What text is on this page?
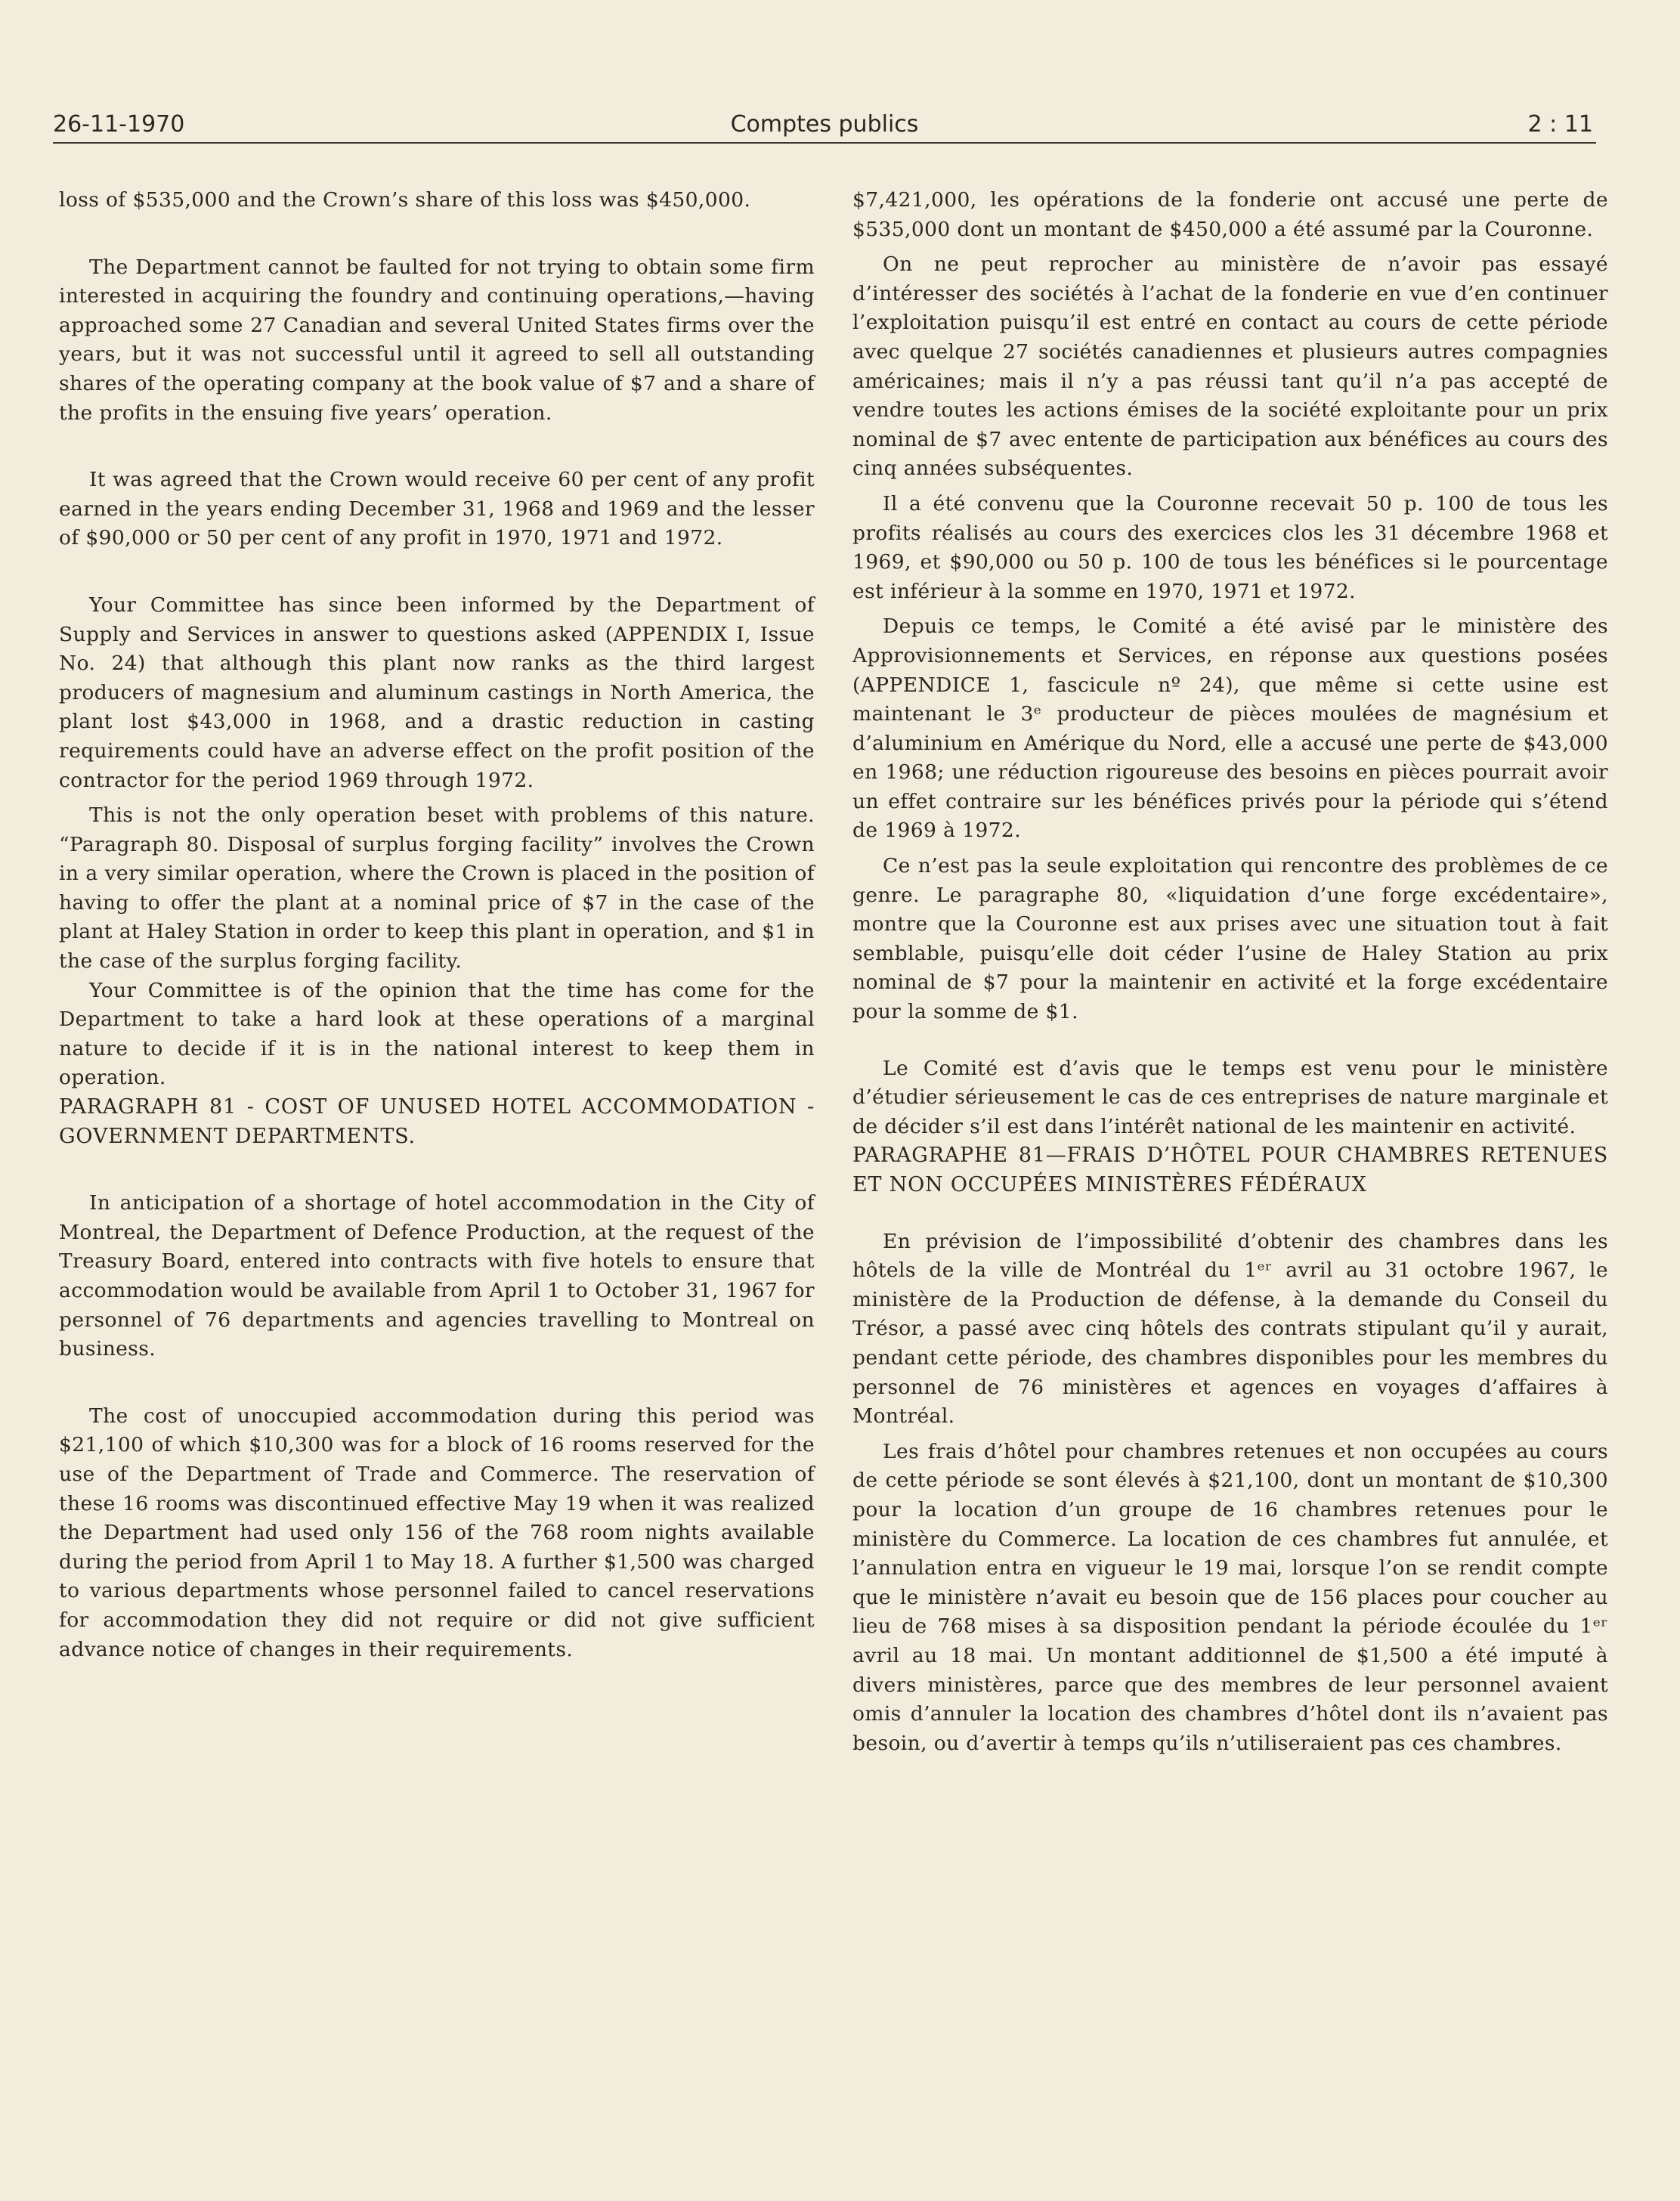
26-11-1970	Comptes publics	2 : 11

loss of $535,000 and the Crown’s share of this loss was $450,000.

The Department cannot be faulted for not trying to obtain some firm interested in acquiring the foundry and continuing operations,—having approached some 27 Canadian and several United States firms over the years, but it was not successful until it agreed to sell all outstanding shares of the operating company at the book value of $7 and a share of the profits in the ensuing five years’ operation.

It was agreed that the Crown would receive 60 per cent of any profit earned in the years ending December 31, 1968 and 1969 and the lesser of $90,000 or 50 per cent of any profit in 1970, 1971 and 1972.

Your Committee has since been informed by the Department of Supply and Services in answer to questions asked (APPENDIX I, Issue No. 24) that although this plant now ranks as the third largest producers of magnesium and aluminum castings in North America, the plant lost $43,000 in 1968, and a drastic reduction in casting requirements could have an adverse effect on the profit position of the contractor for the period 1969 through 1972.

This is not the only operation beset with problems of this nature. “Paragraph 80. Disposal of surplus forging facility” involves the Crown in a very similar operation, where the Crown is placed in the position of having to offer the plant at a nominal price of $7 in the case of the plant at Haley Station in order to keep this plant in operation, and $1 in the case of the surplus forging facility.

Your Committee is of the opinion that the time has come for the Department to take a hard look at these operations of a marginal nature to decide if it is in the national interest to keep them in operation.

PARAGRAPH 81 - COST OF UNUSED HOTEL ACCOMMODATION - GOVERNMENT DEPARTMENTS.

In anticipation of a shortage of hotel accommodation in the City of Montreal, the Department of Defence Production, at the request of the Treasury Board, entered into contracts with five hotels to ensure that accommodation would be available from April 1 to October 31, 1967 for personnel of 76 departments and agencies travelling to Montreal on business.

The cost of unoccupied accommodation during this period was $21,100 of which $10,300 was for a block of 16 rooms reserved for the use of the Department of Trade and Commerce. The reservation of these 16 rooms was discontinued effective May 19 when it was realized the Department had used only 156 of the 768 room nights available during the period from April 1 to May 18. A further $1,500 was charged to various departments whose personnel failed to cancel reservations for accommodation they did not require or did not give sufficient advance notice of changes in their requirements.

$7,421,000, les opérations de la fonderie ont accusé une perte de $535,000 dont un montant de $450,000 a été assumé par la Couronne.

On ne peut reprocher au ministère de n’avoir pas essayé d’intéresser des sociétés à l’achat de la fonderie en vue d’en continuer l’exploitation puisqu’il est entré en contact au cours de cette période avec quelque 27 sociétés canadiennes et plusieurs autres compagnies américaines; mais il n’y a pas réussi tant qu’il n’a pas accepté de vendre toutes les actions émises de la société exploitante pour un prix nominal de $7 avec entente de participation aux bénéfices au cours des cinq années subséquentes.

Il a été convenu que la Couronne recevait 50 p. 100 de tous les profits réalisés au cours des exercices clos les 31 décembre 1968 et 1969, et $90,000 ou 50 p. 100 de tous les bénéfices si le pourcentage est inférieur à la somme en 1970, 1971 et 1972.

Depuis ce temps, le Comité a été avisé par le ministère des Approvisionnements et Services, en réponse aux questions posées (APPENDICE 1, fascicule nº 24), que même si cette usine est maintenant le 3ᵉ producteur de pièces moulées de magnésium et d’aluminium en Amérique du Nord, elle a accusé une perte de $43,000 en 1968; une réduction rigoureuse des besoins en pièces pourrait avoir un effet contraire sur les bénéfices privés pour la période qui s’étend de 1969 à 1972.

Ce n’est pas la seule exploitation qui rencontre des problèmes de ce genre. Le paragraphe 80, «liquidation d’une forge excédentaire», montre que la Couronne est aux prises avec une situation tout à fait semblable, puisqu’elle doit céder l’usine de Haley Station au prix nominal de $7 pour la maintenir en activité et la forge excédentaire pour la somme de $1.

Le Comité est d’avis que le temps est venu pour le ministère d’étudier sérieusement le cas de ces entreprises de nature marginale et de décider s’il est dans l’intérêt national de les maintenir en activité.

PARAGRAPHE 81—FRAIS D’HÔTEL POUR CHAMBRES RETENUES ET NON OCCUPÉES MINISTÈRES FÉDÉRAUX

En prévision de l’impossibilité d’obtenir des chambres dans les hôtels de la ville de Montréal du 1ᵉʳ avril au 31 octobre 1967, le ministère de la Production de défense, à la demande du Conseil du Trésor, a passé avec cinq hôtels des contrats stipulant qu’il y aurait, pendant cette période, des chambres disponibles pour les membres du personnel de 76 ministères et agences en voyages d’affaires à Montréal.

Les frais d’hôtel pour chambres retenues et non occupées au cours de cette période se sont élevés à $21,100, dont un montant de $10,300 pour la location d’un groupe de 16 chambres retenues pour le ministère du Commerce. La location de ces chambres fut annulée, et l’annulation entra en vigueur le 19 mai, lorsque l’on se rendit compte que le ministère n’avait eu besoin que de 156 places pour coucher au lieu de 768 mises à sa disposition pendant la période écoulée du 1ᵉʳ avril au 18 mai. Un montant additionnel de $1,500 a été imputé à divers ministères, parce que des membres de leur personnel avaient omis d’annuler la location des chambres d’hôtel dont ils n’avaient pas besoin, ou d’avertir à temps qu’ils n’utiliseraient pas ces chambres.
